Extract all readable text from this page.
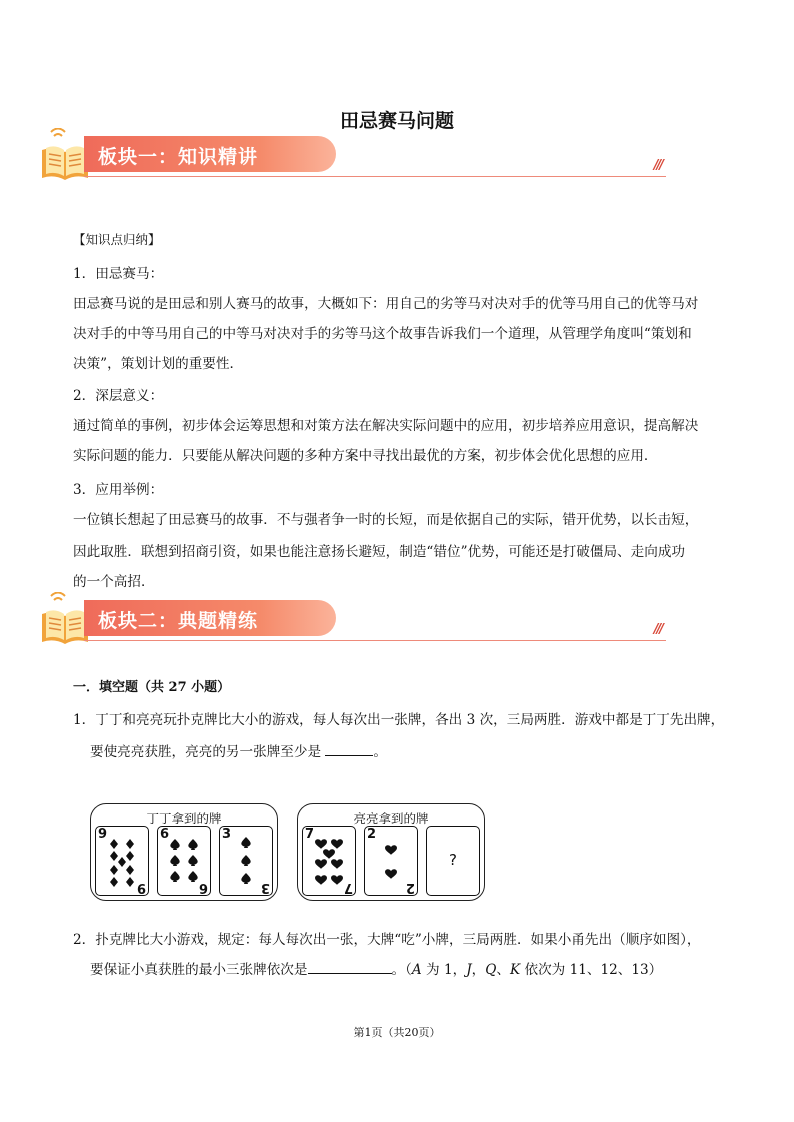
田忌赛马问题
板块一：知识精讲	///
【知识点归纳】
1．田忌赛马：
田忌赛马说的是田忌和别人赛马的故事，大概如下：用自己的劣等马对决对手的优等马用自己的优等马对
决对手的中等马用自己的中等马对决对手的劣等马这个故事告诉我们一个道理，从管理学角度叫“策划和
决策”，策划计划的重要性．
2．深层意义：
通过简单的事例，初步体会运筹思想和对策方法在解决实际问题中的应用，初步培养应用意识，提高解决
实际问题的能力．只要能从解决问题的多种方案中寻找出最优的方案，初步体会优化思想的应用．
3．应用举例：
一位镇长想起了田忌赛马的故事．不与强者争一时的长短，而是依据自己的实际，错开优势，以长击短，
因此取胜．联想到招商引资，如果也能注意扬长避短，制造“错位”优势，可能还是打破僵局、走向成功
的一个高招．
板块二：典题精练	///
一．填空题（共 27 小题）
1．丁丁和亮亮玩扑克牌比大小的游戏，每人每次出一张牌，各出 3 次，三局两胜．游戏中都是丁丁先出牌，
要使亮亮获胜，亮亮的另一张牌至少是	。
丁丁拿到的牌
9
9
6
6
3
3
亮亮拿到的牌
7
7
2
2
?
2．扑克牌比大小游戏，规定：每人每次出一张，大牌“吃”小牌，三局两胜．如果小甬先出（顺序如图），
要保证小真获胜的最小三张牌依次是	。（A 为 1，J，Q、K 依次为 11、12、13）
第1页（共20页）
